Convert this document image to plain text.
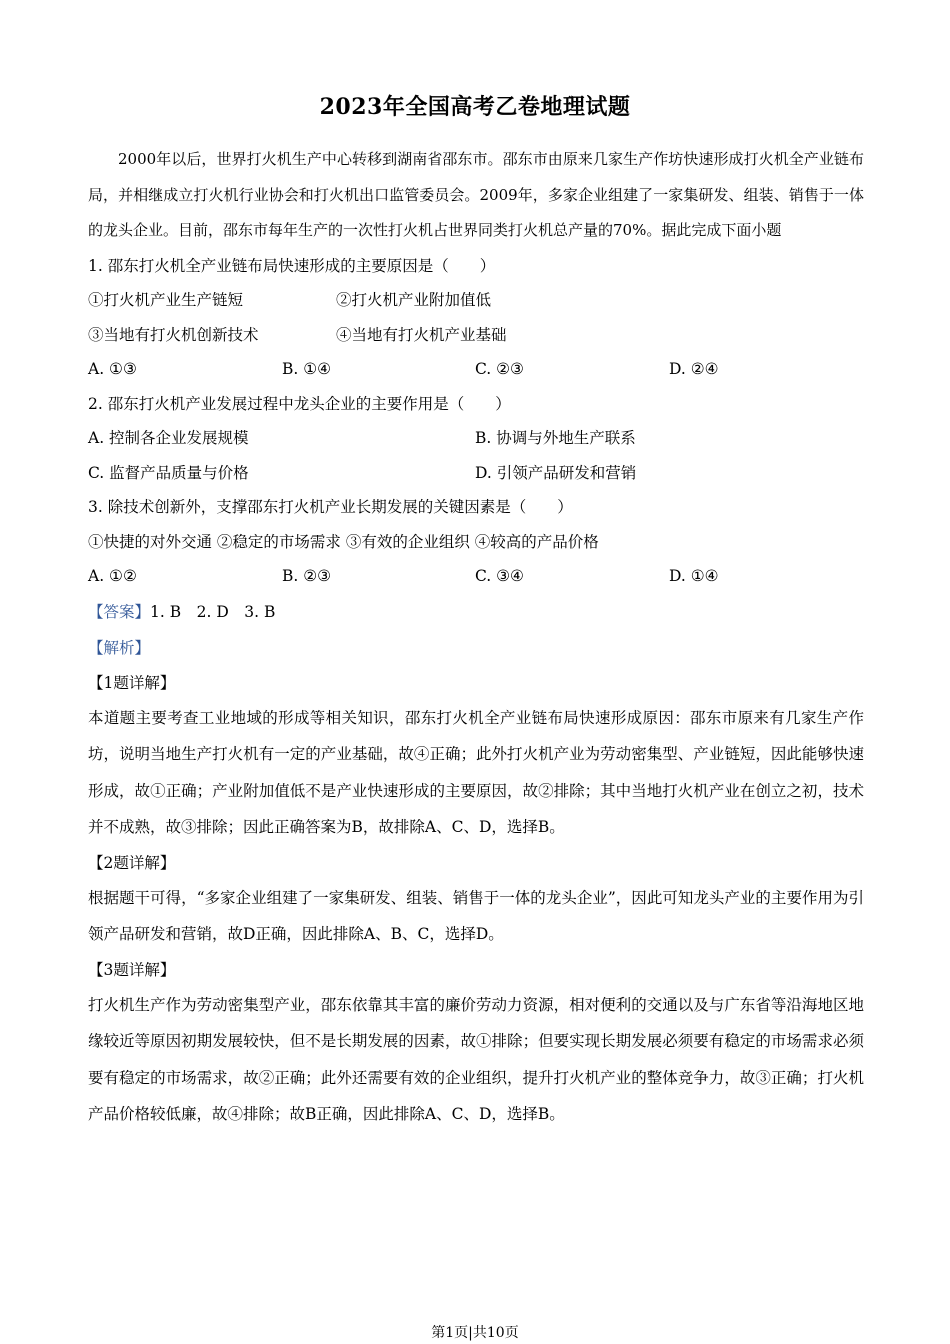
2023年全国高考乙卷地理试题
2000年以后，世界打火机生产中心转移到湖南省邵东市。邵东市由原来几家生产作坊快速形成打火机全产业链布局，并相继成立打火机行业协会和打火机出口监管委员会。2009年，多家企业组建了一家集研发、组装、销售于一体的龙头企业。目前，邵东市每年生产的一次性打火机占世界同类打火机总产量的70%。据此完成下面小题
1. 邵东打火机全产业链布局快速形成的主要原因是（　　）
①打火机产业生产链短	②打火机产业附加值低
③当地有打火机创新技术	④当地有打火机产业基础
A. ①③	B. ①④	C. ②③	D. ②④
2. 邵东打火机产业发展过程中龙头企业的主要作用是（　　）
A. 控制各企业发展规模	B. 协调与外地生产联系
C. 监督产品质量与价格	D. 引领产品研发和营销
3. 除技术创新外，支撑邵东打火机产业长期发展的关键因素是（　　）
①快捷的对外交通 ②稳定的市场需求 ③有效的企业组织 ④较高的产品价格
A. ①②	B. ②③	C. ③④	D. ①④
【答案】1. B　2. D　3. B
【解析】
【1题详解】
本道题主要考查工业地域的形成等相关知识，邵东打火机全产业链布局快速形成原因：邵东市原来有几家生产作坊，说明当地生产打火机有一定的产业基础，故④正确；此外打火机产业为劳动密集型、产业链短，因此能够快速形成，故①正确；产业附加值低不是产业快速形成的主要原因，故②排除；其中当地打火机产业在创立之初，技术并不成熟，故③排除；因此正确答案为B，故排除A、C、D，选择B。
【2题详解】
根据题干可得，“多家企业组建了一家集研发、组装、销售于一体的龙头企业”，因此可知龙头产业的主要作用为引领产品研发和营销，故D正确，因此排除A、B、C，选择D。
【3题详解】
打火机生产作为劳动密集型产业，邵东依靠其丰富的廉价劳动力资源，相对便利的交通以及与广东省等沿海地区地缘较近等原因初期发展较快，但不是长期发展的因素，故①排除；但要实现长期发展必须要有稳定的市场需求必须要有稳定的市场需求，故②正确；此外还需要有效的企业组织，提升打火机产业的整体竞争力，故③正确；打火机产品价格较低廉，故④排除；故B正确，因此排除A、C、D，选择B。
第1页|共10页
